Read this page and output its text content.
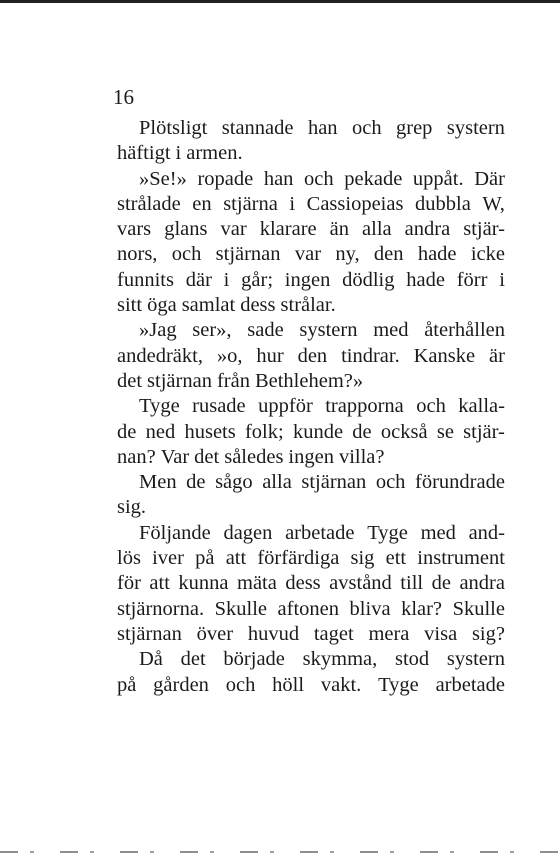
16
Plötsligt stannade han och grep systern
häftigt i armen.
»Se!» ropade han och pekade uppåt. Där
strålade en stjärna i Cassiopeias dubbla W,
vars glans var klarare än alla andra stjär-
nors, och stjärnan var ny, den hade icke
funnits där i går; ingen dödlig hade förr i
sitt öga samlat dess strålar.
»Jag ser», sade systern med återhållen
andedräkt, »o, hur den tindrar. Kanske är
det stjärnan från Bethlehem?»
Tyge rusade uppför trapporna och kalla-
de ned husets folk; kunde de också se stjär-
nan? Var det således ingen villa?
Men de sågo alla stjärnan och förundrade
sig.
Följande dagen arbetade Tyge med and-
lös iver på att förfärdiga sig ett instrument
för att kunna mäta dess avstånd till de andra
stjärnorna. Skulle aftonen bliva klar? Skulle
stjärnan över huvud taget mera visa sig?
Då det började skymma, stod systern
på gården och höll vakt. Tyge arbetade
